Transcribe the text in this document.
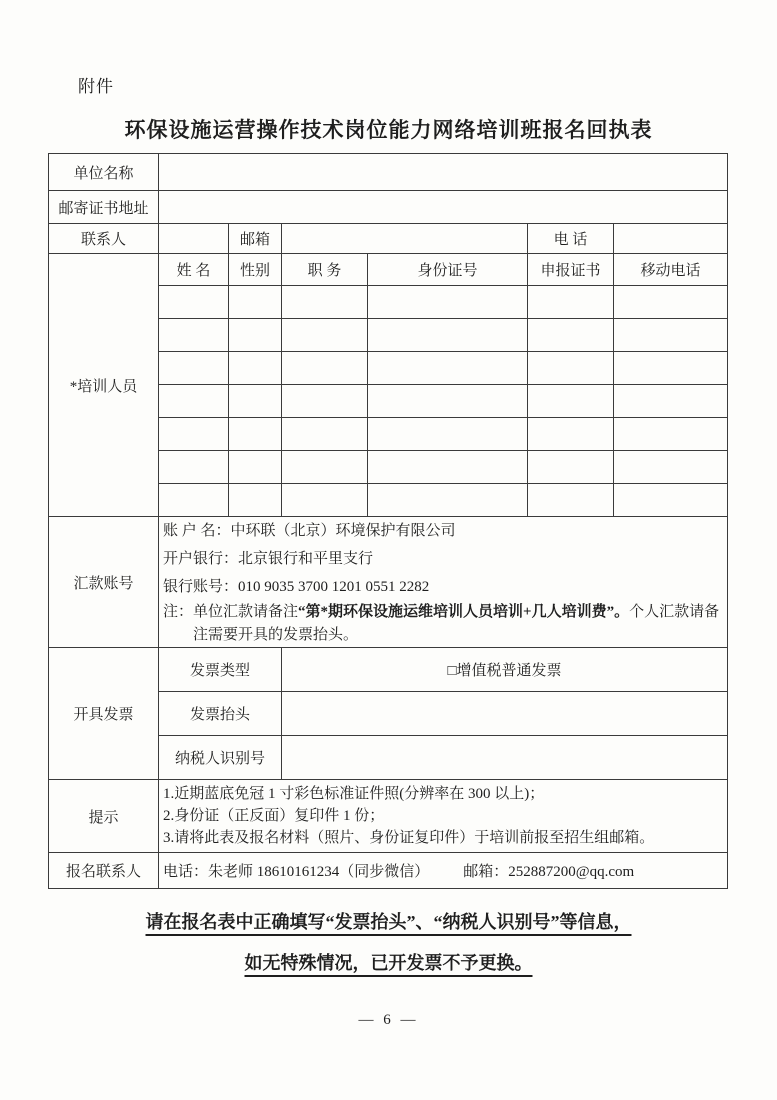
附件
环保设施运营操作技术岗位能力网络培训班报名回执表
单位名称						
邮寄证书地址						
联系人		邮箱			电 话	
*培训人员	姓 名	性别	职 务	身份证号	申报证书	移动电话

汇款账号	账 户 名：中环联（北京）环境保护有限公司

开户银行：北京银行和平里支行

银行账号：010 9035 3700 1201 0551 2282

注：单位汇款请备注“第*期环保设施运维培训人员培训+几人培训费”。个人汇款请备注需要开具的发票抬头。					

开具发票	发票类型		□增值税普通发票			
	发票抬头					
	纳税人识别号					
提示	1.近期蓝底免冠 1 寸彩色标准证件照(分辨率在 300 以上)；

2.身份证（正反面）复印件 1 份；

3.请将此表及报名材料（照片、身份证复印件）于培训前报至招生组邮箱。					

报名联系人	电话：朱老师 18610161234（同步微信） 邮箱：252887200@qq.com					
请在报名表中正确填写“发票抬头”、“纳税人识别号”等信息，
如无特殊情况，已开发票不予更换。
— 6 —
